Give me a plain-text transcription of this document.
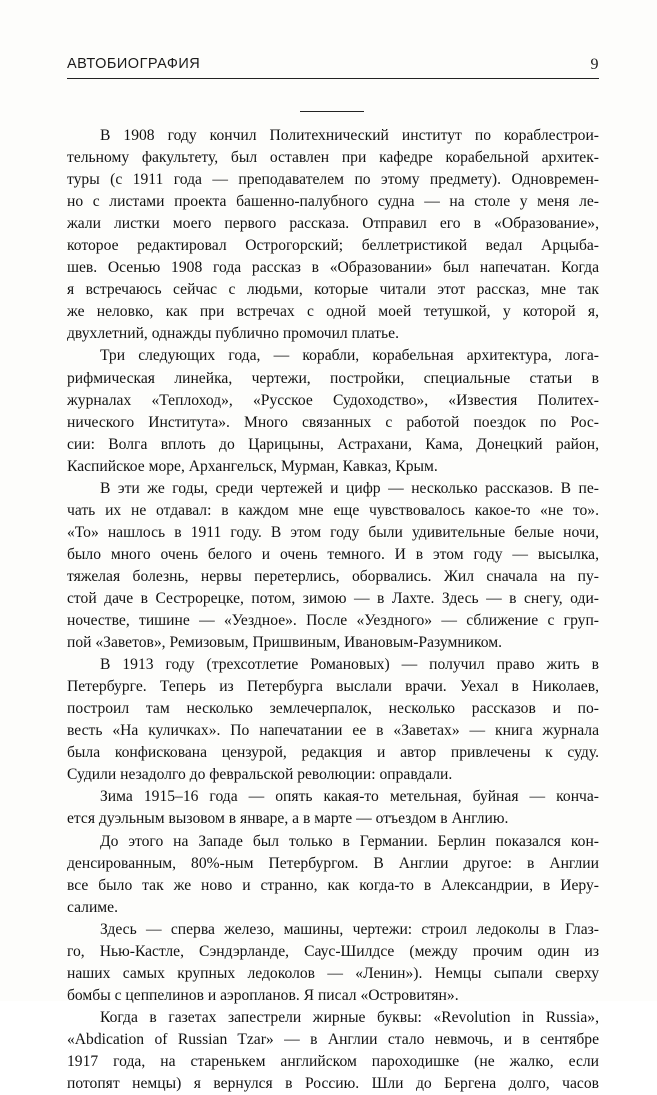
АВТОБИОГРАФИЯ	9

В 1908 году кончил Политехнический институт по кораблестрои-
тельному факультету, был оставлен при кафедре корабельной архитек-
туры (с 1911 года — преподавателем по этому предмету). Одновремен-
но с листами проекта башенно-палубного судна — на столе у меня ле-
жали листки моего первого рассказа. Отправил его в «Образование»,
которое редактировал Острогорский; беллетристикой ведал Арцыба-
шев. Осенью 1908 года рассказ в «Образовании» был напечатан. Когда
я встречаюсь сейчас с людьми, которые читали этот рассказ, мне так
же неловко, как при встречах с одной моей тетушкой, у которой я,
двухлетний, однажды публично промочил платье.

Три следующих года, — корабли, корабельная архитектура, лога-
рифмическая линейка, чертежи, постройки, специальные статьи в
журналах «Теплоход», «Русское Судоходство», «Известия Политех-
нического Института». Много связанных с работой поездок по Рос-
сии: Волга вплоть до Царицыны, Астрахани, Кама, Донецкий район,
Каспийское море, Архангельск, Мурман, Кавказ, Крым.

В эти же годы, среди чертежей и цифр — несколько рассказов. В пе-
чать их не отдавал: в каждом мне еще чувствовалось какое-то «не то».
«То» нашлось в 1911 году. В этом году были удивительные белые ночи,
было много очень белого и очень темного. И в этом году — высылка,
тяжелая болезнь, нервы перетерлись, оборвались. Жил сначала на пу-
стой даче в Сестрорецке, потом, зимою — в Лахте. Здесь — в снегу, оди-
ночестве, тишине — «Уездное». После «Уездного» — сближение с груп-
пой «Заветов», Ремизовым, Пришвиным, Ивановым-Разумником.

В 1913 году (трехсотлетие Романовых) — получил право жить в
Петербурге. Теперь из Петербурга выслали врачи. Уехал в Николаев,
построил там несколько землечерпалок, несколько рассказов и по-
весть «На куличках». По напечатании ее в «Заветах» — книга журнала
была конфискована цензурой, редакция и автор привлечены к суду.
Судили незадолго до февральской революции: оправдали.

Зима 1915–16 года — опять какая-то метельная, буйная — конча-
ется дуэльным вызовом в январе, а в марте — отъездом в Англию.

До этого на Западе был только в Германии. Берлин показался кон-
денсированным, 80%-ным Петербургом. В Англии другое: в Англии
все было так же ново и странно, как когда-то в Александрии, в Иеру-
салиме.

Здесь — сперва железо, машины, чертежи: строил ледоколы в Глаз-
го, Нью-Кастле, Сэндэрланде, Саус-Шилдсе (между прочим один из
наших самых крупных ледоколов — «Ленин»). Немцы сыпали сверху
бомбы с цеппелинов и аэропланов. Я писал «Островитян».

Когда в газетах запестрели жирные буквы: «Revolution in Russia»,
«Abdication of Russian Tzar» — в Англии стало невмочь, и в сентябре
1917 года, на старенькем английском пароходишке (не жалко, если
потопят немцы) я вернулся в Россию. Шли до Бергена долго, часов
